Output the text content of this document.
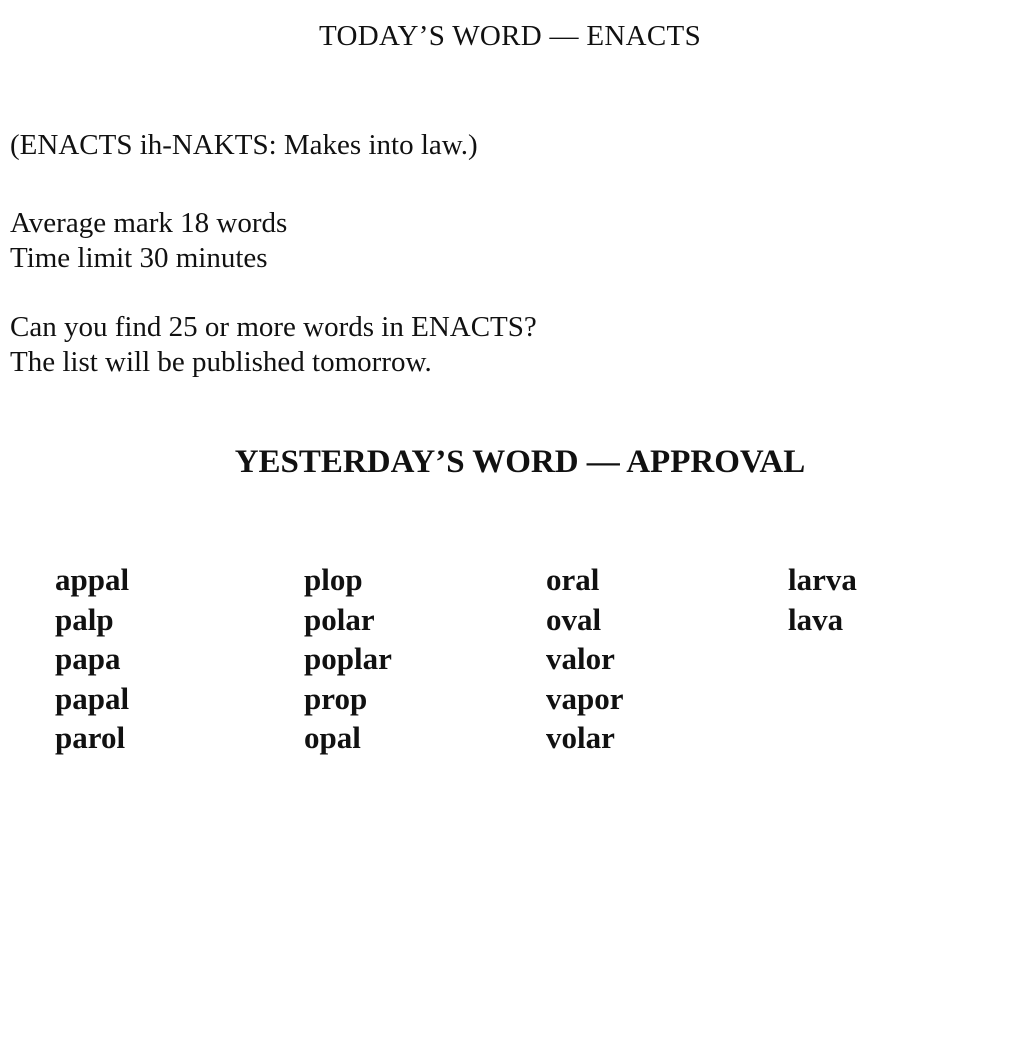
TODAY’S WORD — ENACTS

(ENACTS ih-NAKTS: Makes into law.)

Average mark 18 words
Time limit 30 minutes

Can you find 25 or more words in ENACTS?
The list will be published tomorrow.

YESTERDAY’S WORD — APPROVAL
appal
palp
papa
papal
parol
plop
polar
poplar
prop
opal
oral
oval
valor
vapor
volar
larva
lava
